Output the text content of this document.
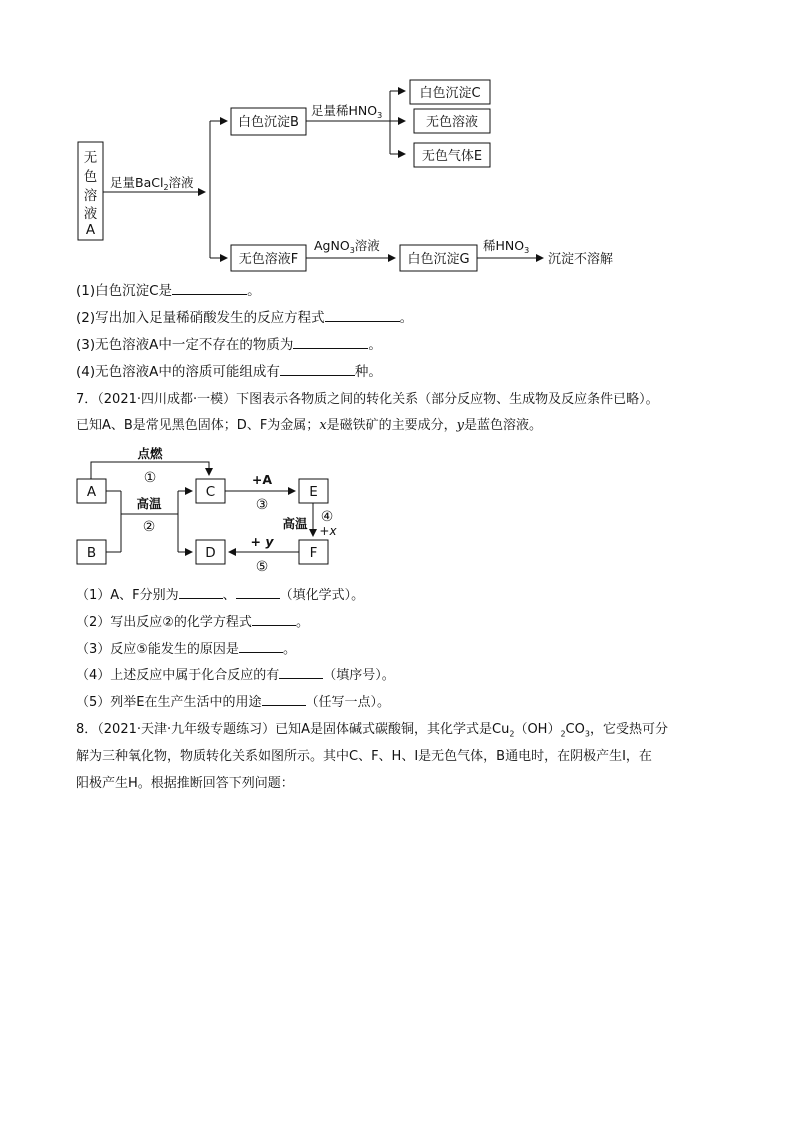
无
色
溶
液
A
足量BaCl$_2$溶液
白色沉淀B
足量稀$HNO_3$
白色沉淀C
无色溶液
无色气体E
无色溶液F
AgNO$_3$溶液
白色沉淀G
稀$HNO_3$
沉淀不溶解
(1)白色沉淀C是	。
(2)写出加入足量稀硝酸发生的反应方程式	。
(3)无色溶液A中一定不存在的物质为	。
(4)无色溶液A中的溶质可能组成有	种。
7．（2021·四川成都·一模）下图表示各物质之间的转化关系（部分反应物、生成物及反应条件已略）。
已知A、B是常见黑色固体；D、F为金属；x是磁铁矿的主要成分，y是蓝色溶液。
A
B
C
D
E
F
点燃
①
高温
②
+A
③
高温 ④
+x
+ y
⑤
（1）A、F分别为	、	（填化学式）。
（2）写出反应②的化学方程式	。
（3）反应⑤能发生的原因是	。
（4）上述反应中属于化合反应的有	（填序号）。
（5）列举E在生产生活中的用途	（任写一点）。
8．（2021·天津·九年级专题练习）已知A是固体碱式碳酸铜，其化学式是$Cu_2(OH)_2CO_3$，它受热可分
解为三种氧化物，物质转化关系如图所示。其中C、F、H、I是无色气体，B通电时，在阴极产生I，在
阳极产生H。根据推断回答下列问题：
